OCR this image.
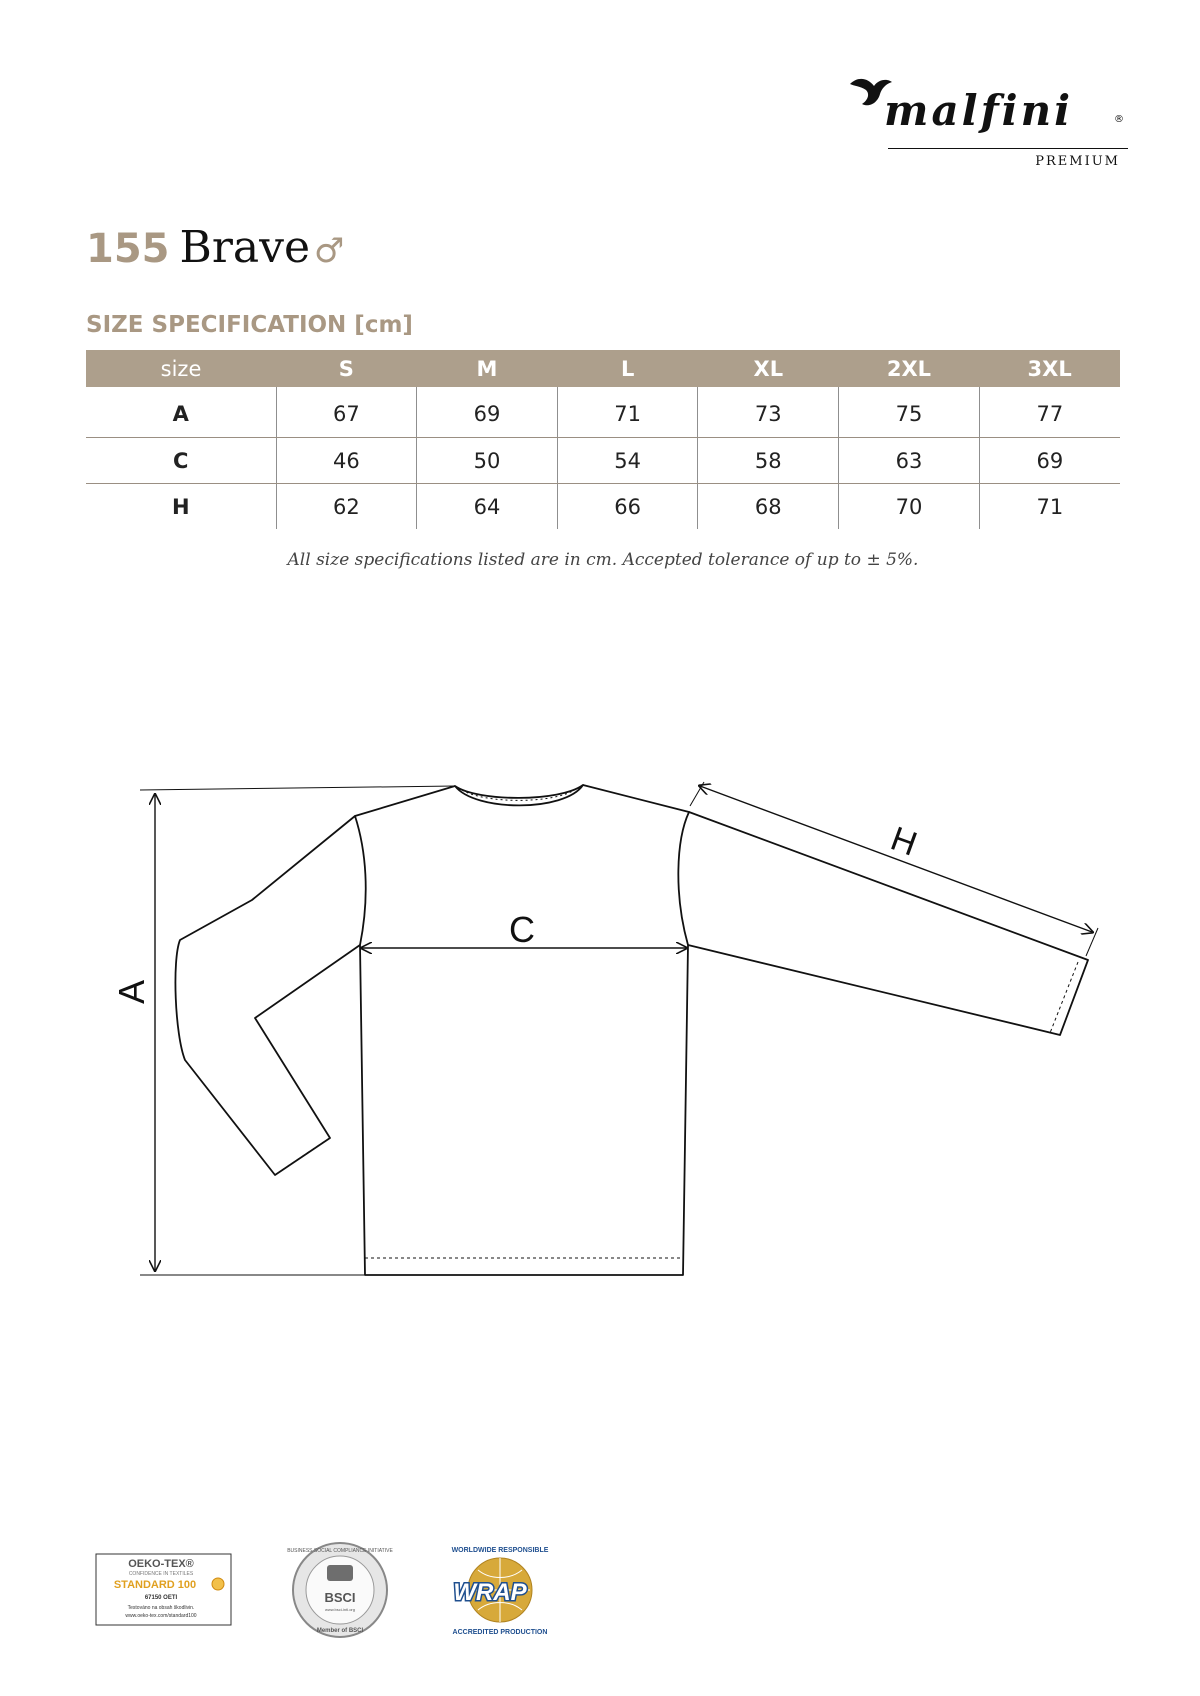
malfini	®
PREMIUM
155 Brave ♂
SIZE SPECIFICATION [cm]
size	S	M	L	XL	2XL	3XL
A	67	69	71	73	75	77
C	46	50	54	58	63	69
H	62	64	66	68	70	71
All size specifications listed are in cm. Accepted tolerance of up to ± 5%.
A
C
H
OEKO-TEX®
CONFIDENCE IN TEXTILES
STANDARD 100
67150 OETI
Testováno na obsah škodlivin.
www.oeko-tex.com/standard100
BUSINESS SOCIAL COMPLIANCE INITIATIVE
BSCI
www.bsci-intl.org
Member of BSCI
WORLDWIDE RESPONSIBLE
WRAP
ACCREDITED PRODUCTION
